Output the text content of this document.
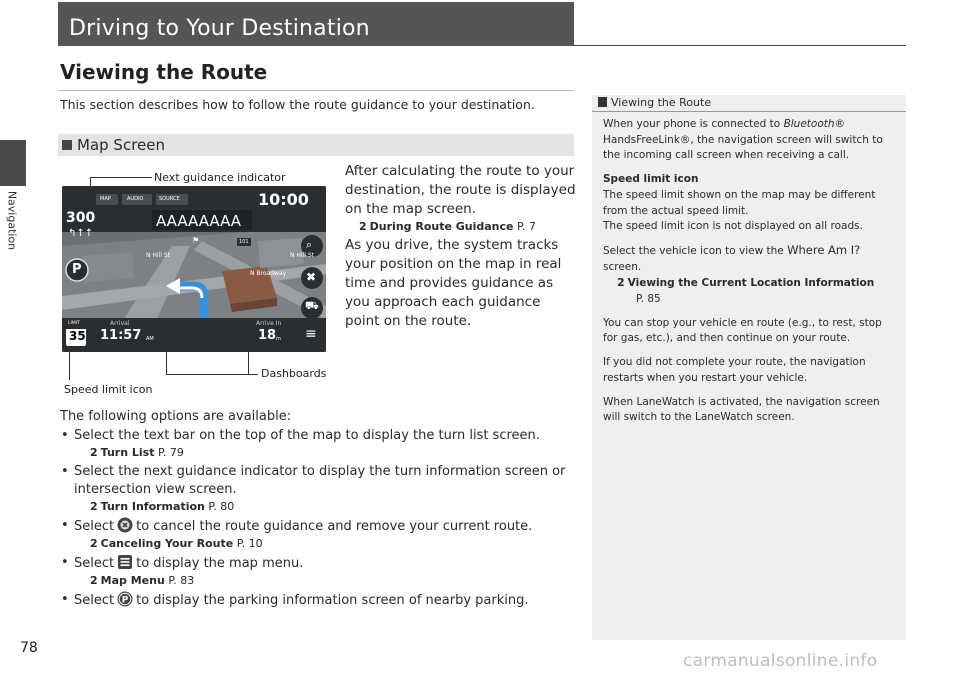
Navigation
Driving to Your Destination
Viewing the Route
This section describes how to follow the route guidance to your destination.
Map Screen
Next guidance indicator
MAP	AUDIO	SOURCE	10:00
300
↰↑↑
AAAAAAAA
⚑	101
N Hill St
N Broadway
N Hill St
P
⌕
✖
⛟
LIMIT
35
Arrival
11:57 AM
Arrive In
18 m ≡
Dashboards
Speed limit icon
After calculating the route to your destination, the route is displayed on the map screen.
2 During Route Guidance P. 7
As you drive, the system tracks your position on the map in real time and provides guidance as you approach each guidance point on the route.
The following options are available:
• Select the text bar on the top of the map to display the turn list screen.
2 Turn List P. 79
• Select the next guidance indicator to display the turn information screen or intersection view screen.
2 Turn Information P. 80
• Select to cancel the route guidance and remove your current route.
2 Canceling Your Route P. 10
• Select to display the map menu.
2 Map Menu P. 83
• Select P to display the parking information screen of nearby parking.
Viewing the Route

When your phone is connected to Bluetooth® HandsFreeLink®, the navigation screen will switch to the incoming call screen when receiving a call.

Speed limit icon
The speed limit shown on the map may be different from the actual speed limit.

The speed limit icon is not displayed on all roads.

Select the vehicle icon to view the Where Am I? screen.
2 Viewing the Current Location Information
P. 85

You can stop your vehicle en route (e.g., to rest, stop for gas, etc.), and then continue on your route.

If you did not complete your route, the navigation restarts when you restart your vehicle.

When LaneWatch is activated, the navigation screen will switch to the LaneWatch screen.

78
carmanualsonline.info
